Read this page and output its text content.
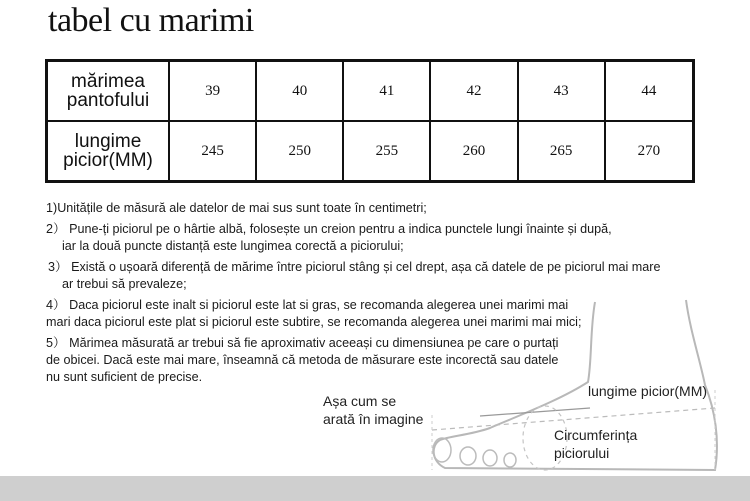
tabel cu marimi
mărimea
pantofului	39	40	41	42	43	44

lungime
picior(MM)	245	250	255	260	265	270
1)Unitățile de măsură ale datelor de mai sus sunt toate în centimetri;
2） Pune-ți piciorul pe o hârtie albă, folosește un creion pentru a indica punctele lungi înainte și după,
iar la două puncte distanță este lungimea corectă a piciorului;
3） Există o ușoară diferență de mărime între piciorul stâng și cel drept, așa că datele de pe piciorul mai mare
ar trebui să prevaleze;
4） Daca piciorul este inalt si piciorul este lat si gras, se recomanda alegerea unei marimi mai
mari daca piciorul este plat si piciorul este subtire, se recomanda alegerea unei marimi mai mici;
5） Mărimea măsurată ar trebui să fie aproximativ aceeași cu dimensiunea pe care o purtați
de obicei. Dacă este mai mare, înseamnă că metoda de măsurare este incorectă sau datele
nu sunt suficient de precise.
Așa cum se
arată în imagine
lungime picior(MM)
Circumferința
piciorului
